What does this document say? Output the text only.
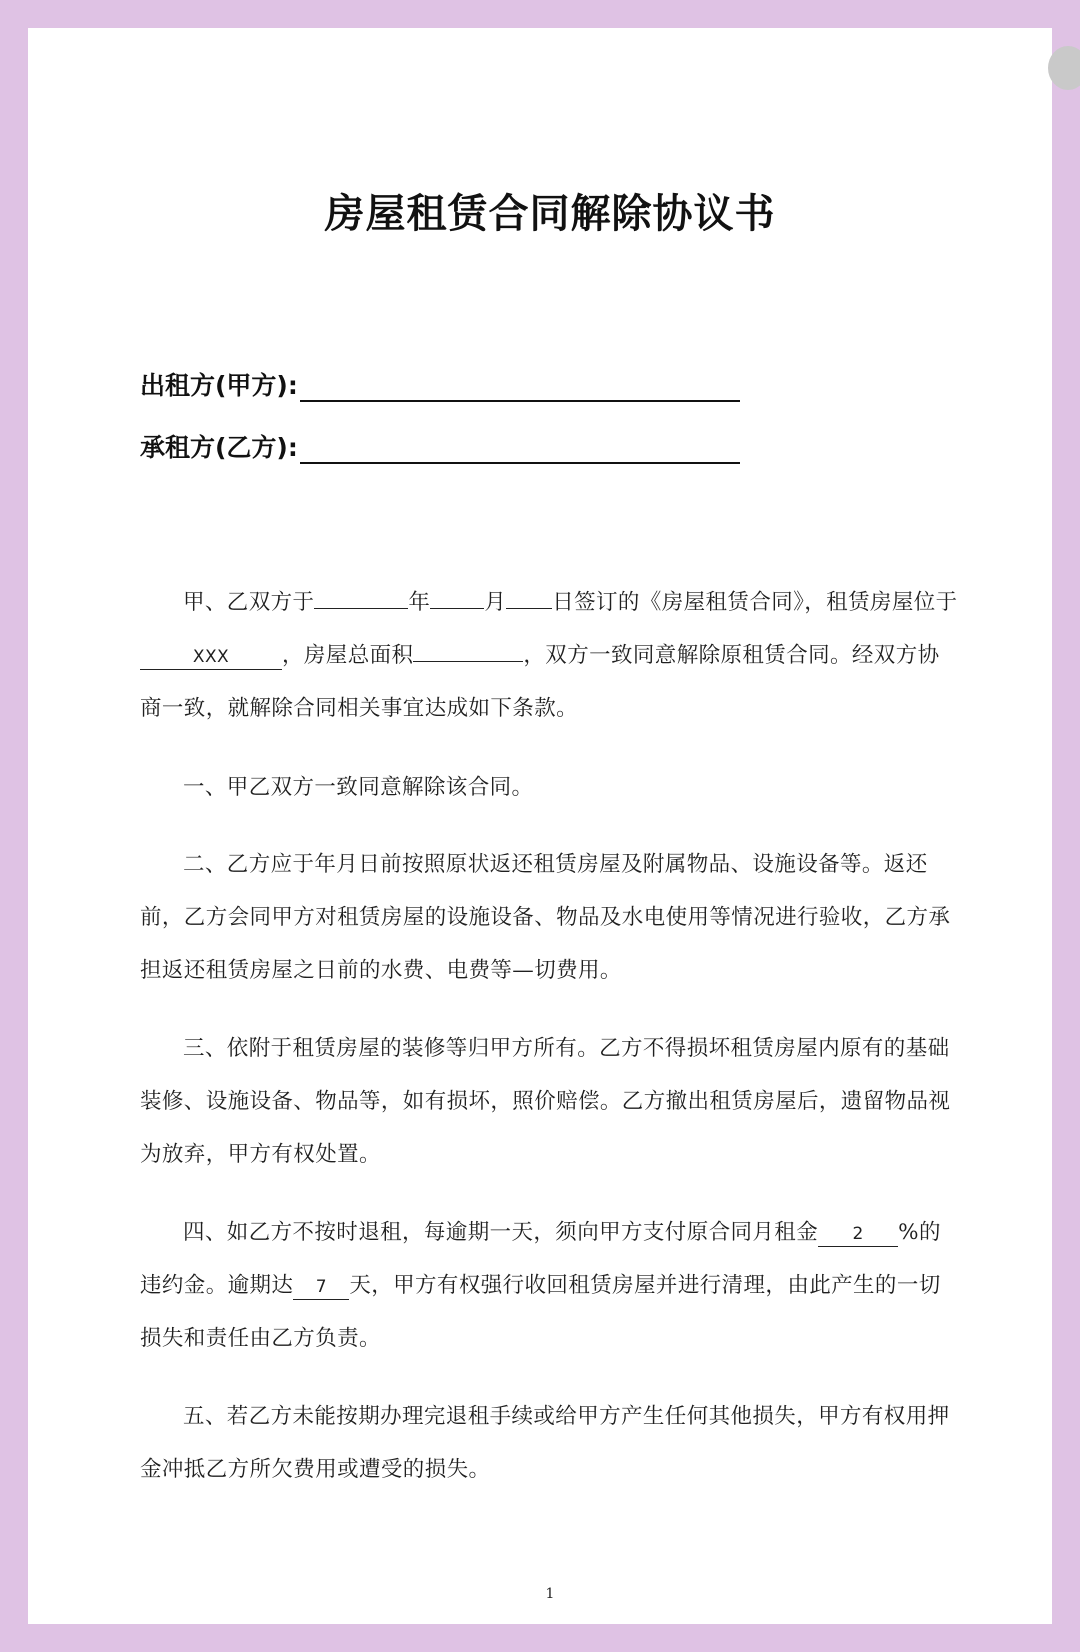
房屋租赁合同解除协议书
出租方(甲方):
承租方(乙方):

甲、乙双方于	年	月 日签订的《房屋租赁合同》，租赁房屋位于XXX ，房屋总面积	，双方一致同意解除原租赁合同。经双方协商一致，就解除合同相关事宜达成如下条款。

一、甲乙双方一致同意解除该合同。

二、乙方应于年月日前按照原状返还租赁房屋及附属物品、设施设备等。返还前，乙方会同甲方对租赁房屋的设施设备、物品及水电使用等情况进行验收，乙方承担返还租赁房屋之日前的水费、电费等—切费用。

三、依附于租赁房屋的装修等归甲方所有。乙方不得损坏租赁房屋内原有的基础装修、设施设备、物品等，如有损坏，照价赔偿。乙方撤出租赁房屋后，遗留物品视为放弃，甲方有权处置。

四、如乙方不按时退租，每逾期一天，须向甲方支付原合同月租金 2 %的违约金。逾期达 7 天，甲方有权强行收回租赁房屋并进行清理，由此产生的一切损失和责任由乙方负责。

五、若乙方未能按期办理完退租手续或给甲方产生任何其他损失，甲方有权用押金冲抵乙方所欠费用或遭受的损失。

1
